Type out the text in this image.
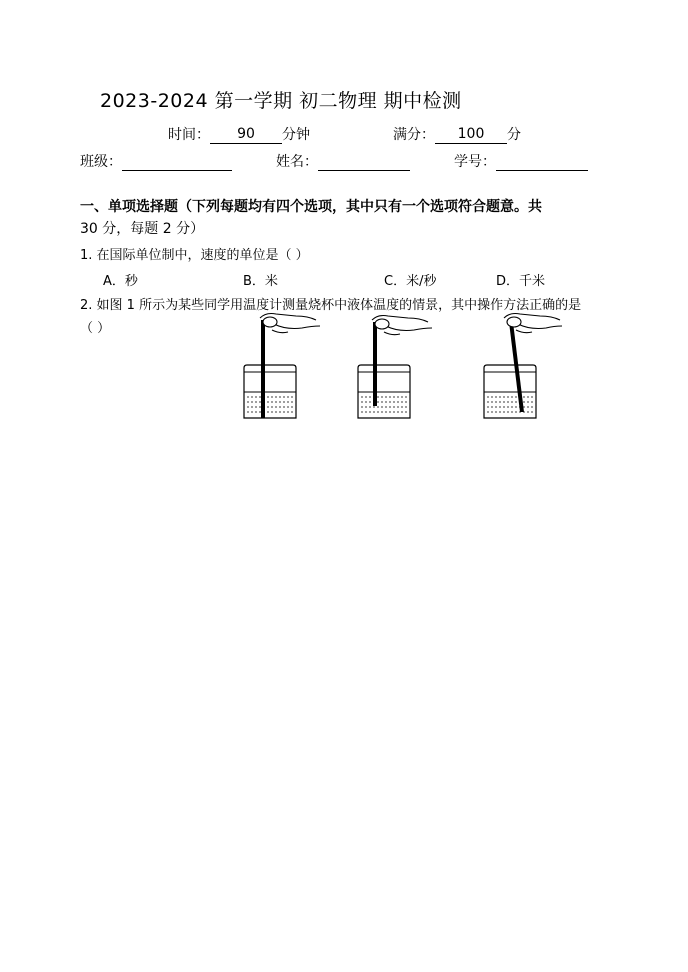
2023-2024 第一学期 初二物理 期中检测
时间： 90 分钟	满分： 100 分
班级：	姓名：	学号：
一、单项选择题（下列每题均有四个选项，其中只有一个选项符合题意。共
30 分，每题 2 分）
1. 在国际单位制中，速度的单位是（ ）
A．秒	B．米	C．米/秒	D．千米
2. 如图 1 所示为某些同学用温度计测量烧杯中液体温度的情景，其中操作方法正确的是
（ ）
